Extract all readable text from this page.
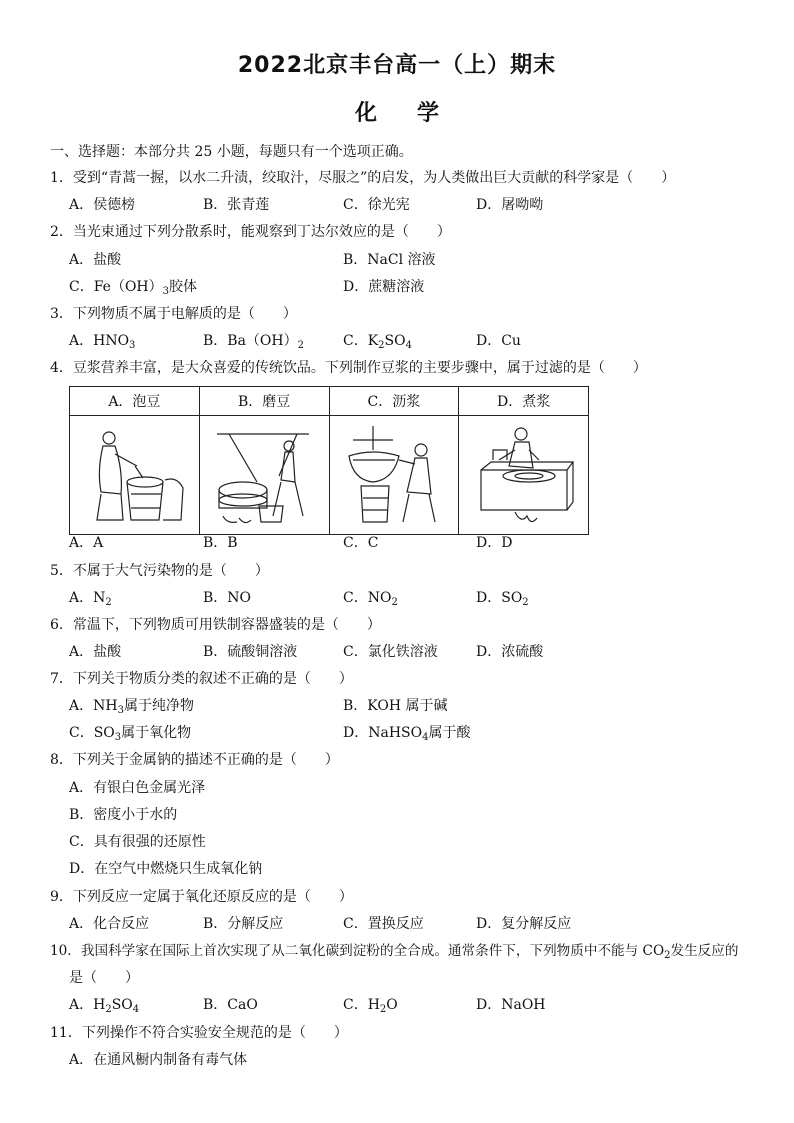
2022北京丰台高一（上）期末
化学
一、选择题：本部分共 25 小题，每题只有一个选项正确。
1．受到“青蒿一握，以水二升渍，绞取汁，尽服之”的启发，为人类做出巨大贡献的科学家是（　　）
A．侯德榜	B．张青莲	C．徐光宪	D．屠呦呦
2．当光束通过下列分散系时，能观察到丁达尔效应的是（　　）
A．盐酸	B．NaCl 溶液
C．$Fe(OH)_3$胶体	D．蔗糖溶液
3．下列物质不属于电解质的是（　　）
A．$HNO_3$	B．$Ba(OH)_2$	C．$K_2SO_4$	D．Cu
4．豆浆营养丰富，是大众喜爱的传统饮品。下列制作豆浆的主要步骤中，属于过滤的是（　　）
A．泡豆	B．磨豆	C．沥浆	D．煮浆

A．A	B．B	C．C	D．D
5．不属于大气污染物的是（　　）
A．$N_2$	B．NO	C．$NO_2$	D．$SO_2$
6．常温下，下列物质可用铁制容器盛装的是（　　）
A．盐酸	B．硫酸铜溶液	C．氯化铁溶液	D．浓硫酸
7．下列关于物质分类的叙述不正确的是（　　）
A．$NH_3$属于纯净物	B．KOH 属于碱
C．$SO_3$属于氧化物	D．NaHSO$_4$属于酸
8．下列关于金属钠的描述不正确的是（　　）
A．有银白色金属光泽
B．密度小于水的
C．具有很强的还原性
D．在空气中燃烧只生成氧化钠
9．下列反应一定属于氧化还原反应的是（　　）
A．化合反应	B．分解反应	C．置换反应	D．复分解反应
10．我国科学家在国际上首次实现了从二氧化碳到淀粉的全合成。通常条件下，下列物质中不能与 $CO_2$发生反应的
是（　　）
A．$H_2SO_4$	B．CaO	C．$H_2O$	D．NaOH
11．下列操作不符合实验安全规范的是（　　）
A．在通风橱内制备有毒气体
